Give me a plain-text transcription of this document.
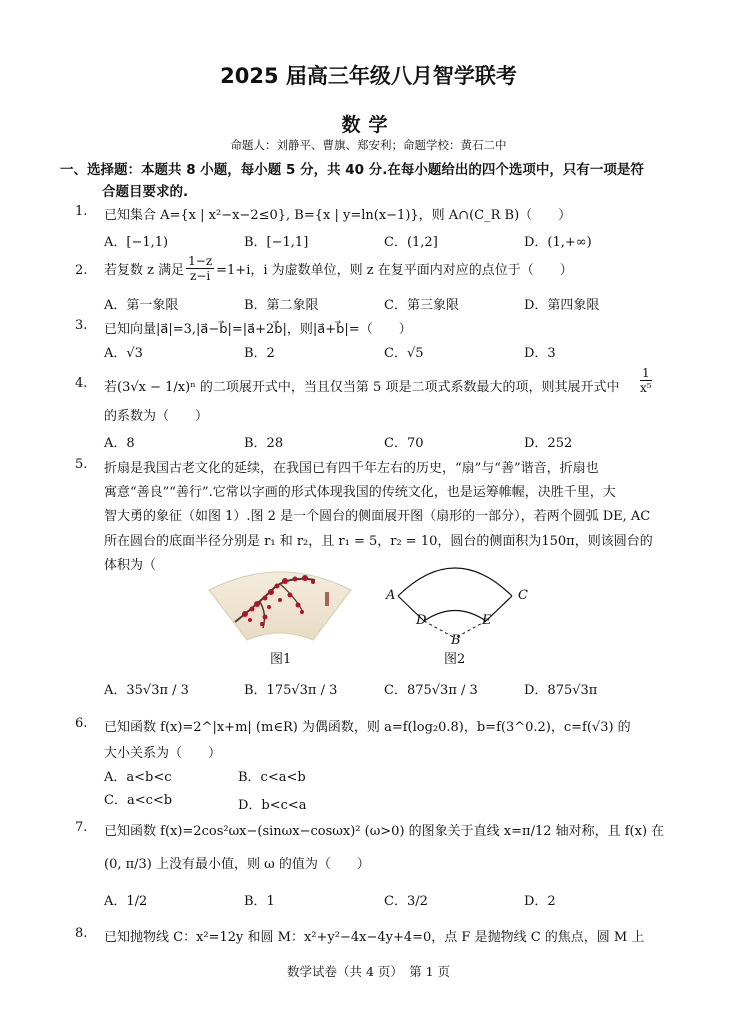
2025 届高三年级八月智学联考
数学
命题人：刘静平、曹旗、郑安利；命题学校：黄石二中
一、选择题：本题共 8 小题，每小题 5 分，共 40 分.在每小题给出的四个选项中，只有一项是符
合题目要求的.
1. 已知集合 A={x | x²−x−2≤0}, B={x | y=ln(x−1)}，则 A∩(C_R B)（　　）
A．[−1,1)	B．[−1,1]	C．(1,2]	D．(1,+∞)
2. 若复数 z 满足 $\frac{1-z}{z-i} =1+i$，i 为虚数单位，则 z 在复平面内对应的点位于（　　）
A．第一象限	B．第二象限	C．第三象限	D．第四象限
3. 已知向量|a⃗|=3,|a⃗−b⃗|=|a⃗+2b⃗|，则|a⃗+b⃗|=（　　）
A．√3	B．2	C．√5	D．3
4. 若(3√x − 1/x)ⁿ 的二项展开式中，当且仅当第 5 项是二项式系数最大的项，则其展开式中 $\frac{1}{\text{x⁵}}$
的系数为（　　）
A．8	B．28	C．70	D．252
5. 折扇是我国古老文化的延续，在我国已有四千年左右的历史，“扇”与“善”谐音，折扇也
寓意“善良”“善行”.它常以字画的形式体现我国的传统文化，也是运筹帷幄，决胜千里，大
智大勇的象征（如图 1）.图 2 是一个圆台的侧面展开图（扇形的一部分），若两个圆弧 DE, AC
所在圆台的底面半径分别是 r₁ 和 r₂，且 r₁ = 5，r₂ = 10，圆台的侧面积为150π，则该圆台的
体积为（
图1
A	C
D	E
B
图2
A．35√3π / 3	B．175√3π / 3	C．875√3π / 3	D．875√3π
6. 已知函数 f(x)=2^|x+m| (m∈R) 为偶函数，则 a=f(log₂0.8)，b=f(3^0.2)，c=f(√3) 的
大小关系为（　　）
A．a<b<c	B．c<a<b
C．a<c<b	D．b<c<a
7. 已知函数 f(x)=2cos²ωx−(sinωx−cosωx)² (ω>0) 的图象关于直线 x=π/12 轴对称，且 f(x) 在
(0, π/3) 上没有最小值，则 ω 的值为（　　）
A．1/2	B．1	C．3/2	D．2
8. 已知抛物线 C：x²=12y 和圆 M：x²+y²−4x−4y+4=0，点 F 是抛物线 C 的焦点，圆 M 上
数学试卷（共 4 页）　第 1 页
